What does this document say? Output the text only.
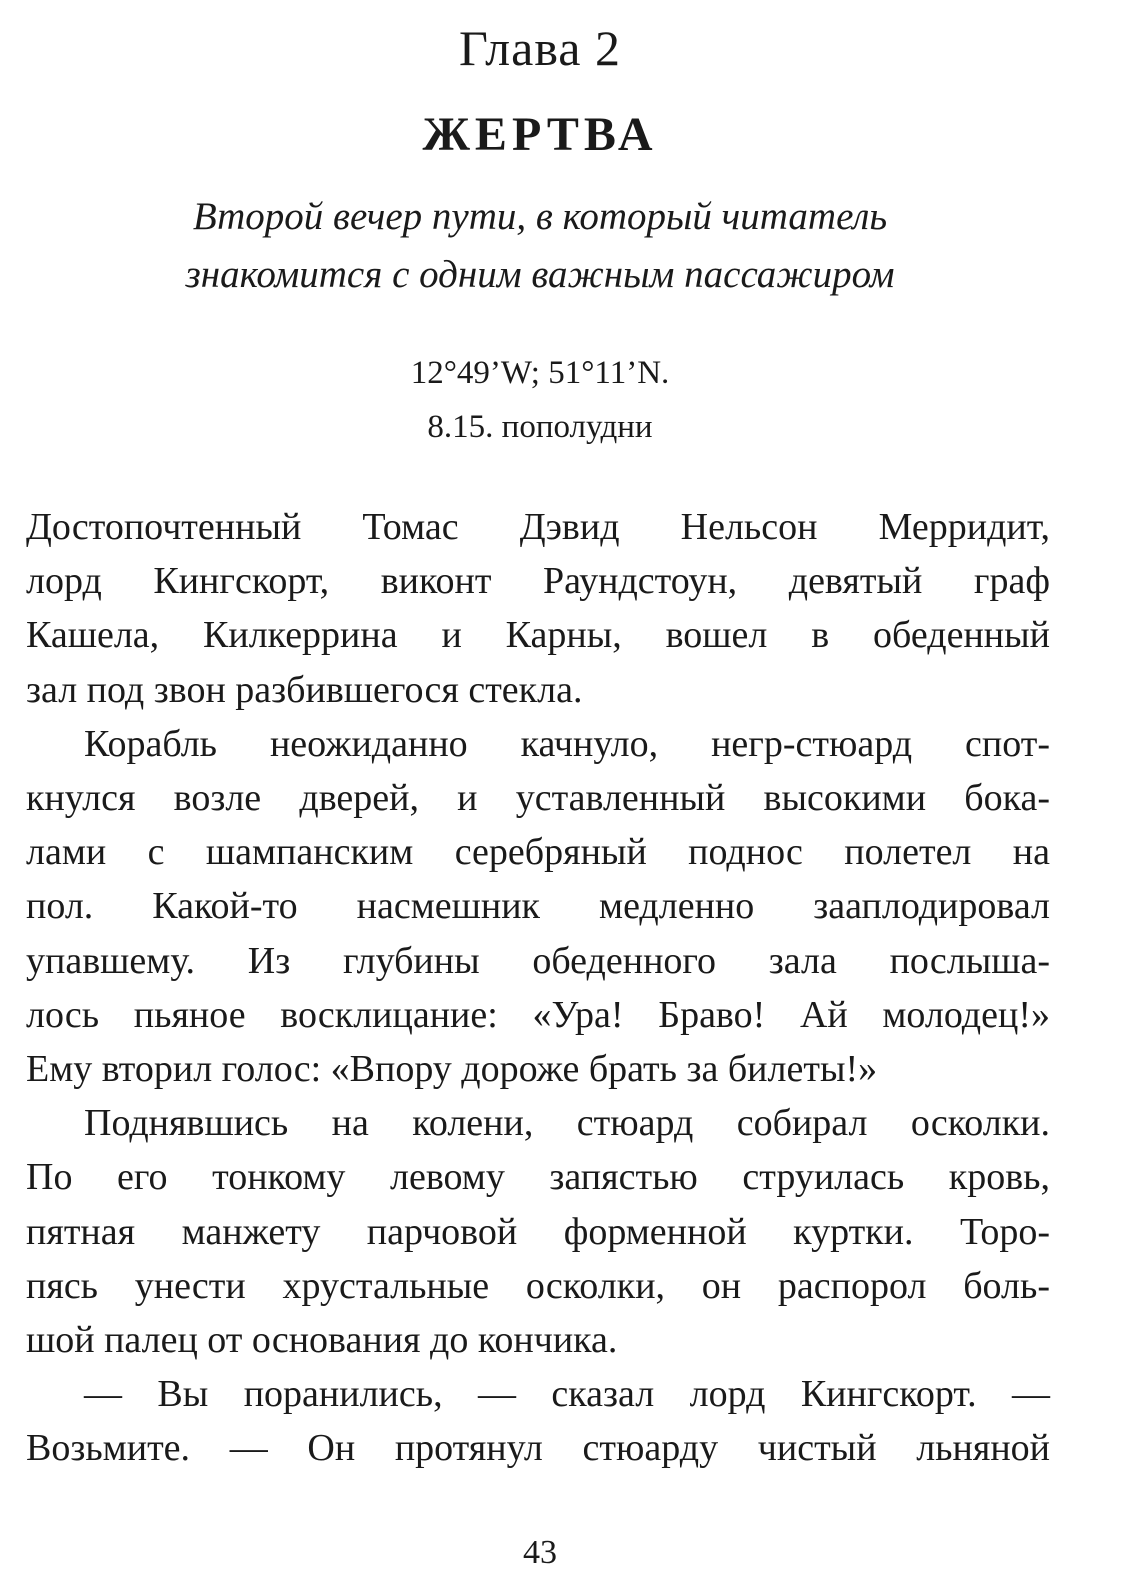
Глава 2
ЖЕРТВА
Второй вечер пути, в который читатель
знакомится с одним важным пассажиром
12°49’W; 51°11’N.
8.15. пополудни

Достопочтенный Томас Дэвид Нельсон Мерридит,
лорд Кингскорт, виконт Раундстоун, девятый граф
Кашела, Килкеррина и Карны, вошел в обеденный
зал под звон разбившегося стекла.

Корабль неожиданно качнуло, негр-стюард спот-
кнулся возле дверей, и уставленный высокими бока-
лами с шампанским серебряный поднос полетел на
пол. Какой-то насмешник медленно зааплодировал
упавшему. Из глубины обеденного зала послыша-
лось пьяное восклицание: «Ура! Браво! Ай молодец!»
Ему вторил голос: «Впору дороже брать за билеты!»

Поднявшись на колени, стюард собирал осколки.
По его тонкому левому запястью струилась кровь,
пятная манжету парчовой форменной куртки. Торо-
пясь унести хрустальные осколки, он распорол боль-
шой палец от основания до кончика.

— Вы поранились, — сказал лорд Кингскорт. —
Возьмите. — Он протянул стюарду чистый льняной

43
